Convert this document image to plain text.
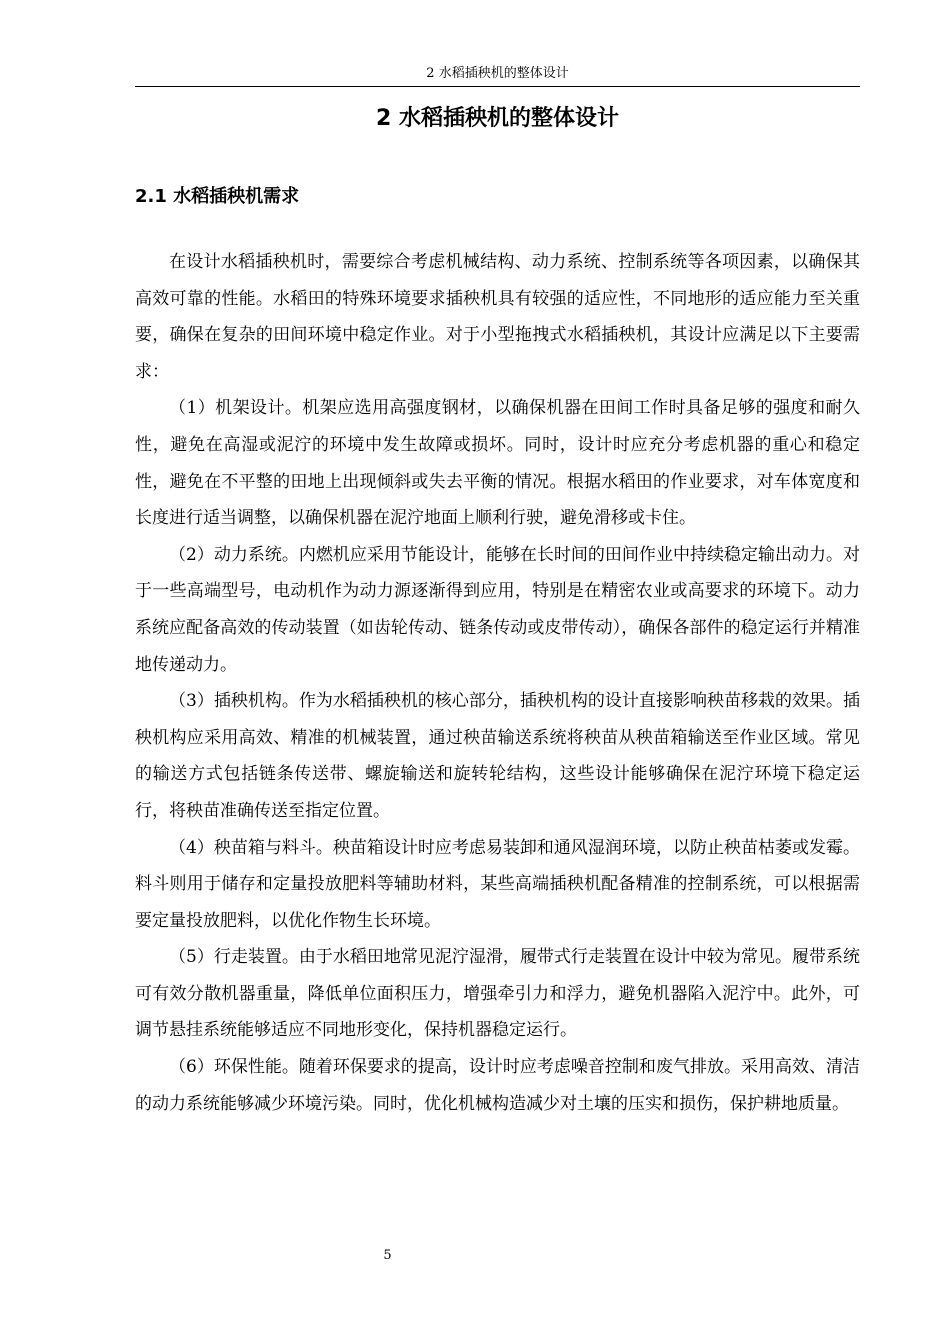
2 水稻插秧机的整体设计
2 水稻插秧机的整体设计
2.1 水稻插秧机需求

在设计水稻插秧机时，需要综合考虑机械结构、动力系统、控制系统等各项因素，以确保其高效可靠的性能。水稻田的特殊环境要求插秧机具有较强的适应性，不同地形的适应能力至关重要，确保在复杂的田间环境中稳定作业。对于小型拖拽式水稻插秧机，其设计应满足以下主要需求：

（1）机架设计。机架应选用高强度钢材，以确保机器在田间工作时具备足够的强度和耐久性，避免在高湿或泥泞的环境中发生故障或损坏。同时，设计时应充分考虑机器的重心和稳定性，避免在不平整的田地上出现倾斜或失去平衡的情况。根据水稻田的作业要求，对车体宽度和长度进行适当调整，以确保机器在泥泞地面上顺利行驶，避免滑移或卡住。

（2）动力系统。内燃机应采用节能设计，能够在长时间的田间作业中持续稳定输出动力。对于一些高端型号，电动机作为动力源逐渐得到应用，特别是在精密农业或高要求的环境下。动力系统应配备高效的传动装置（如齿轮传动、链条传动或皮带传动），确保各部件的稳定运行并精准地传递动力。

（3）插秧机构。作为水稻插秧机的核心部分，插秧机构的设计直接影响秧苗移栽的效果。插秧机构应采用高效、精准的机械装置，通过秧苗输送系统将秧苗从秧苗箱输送至作业区域。常见的输送方式包括链条传送带、螺旋输送和旋转轮结构，这些设计能够确保在泥泞环境下稳定运行，将秧苗准确传送至指定位置。

（4）秧苗箱与料斗。秧苗箱设计时应考虑易装卸和通风湿润环境，以防止秧苗枯萎或发霉。料斗则用于储存和定量投放肥料等辅助材料，某些高端插秧机配备精准的控制系统，可以根据需要定量投放肥料，以优化作物生长环境。

（5）行走装置。由于水稻田地常见泥泞湿滑，履带式行走装置在设计中较为常见。履带系统可有效分散机器重量，降低单位面积压力，增强牵引力和浮力，避免机器陷入泥泞中。此外，可调节悬挂系统能够适应不同地形变化，保持机器稳定运行。

（6）环保性能。随着环保要求的提高，设计时应考虑噪音控制和废气排放。采用高效、清洁的动力系统能够减少环境污染。同时，优化机械构造减少对土壤的压实和损伤，保护耕地质量。

5
